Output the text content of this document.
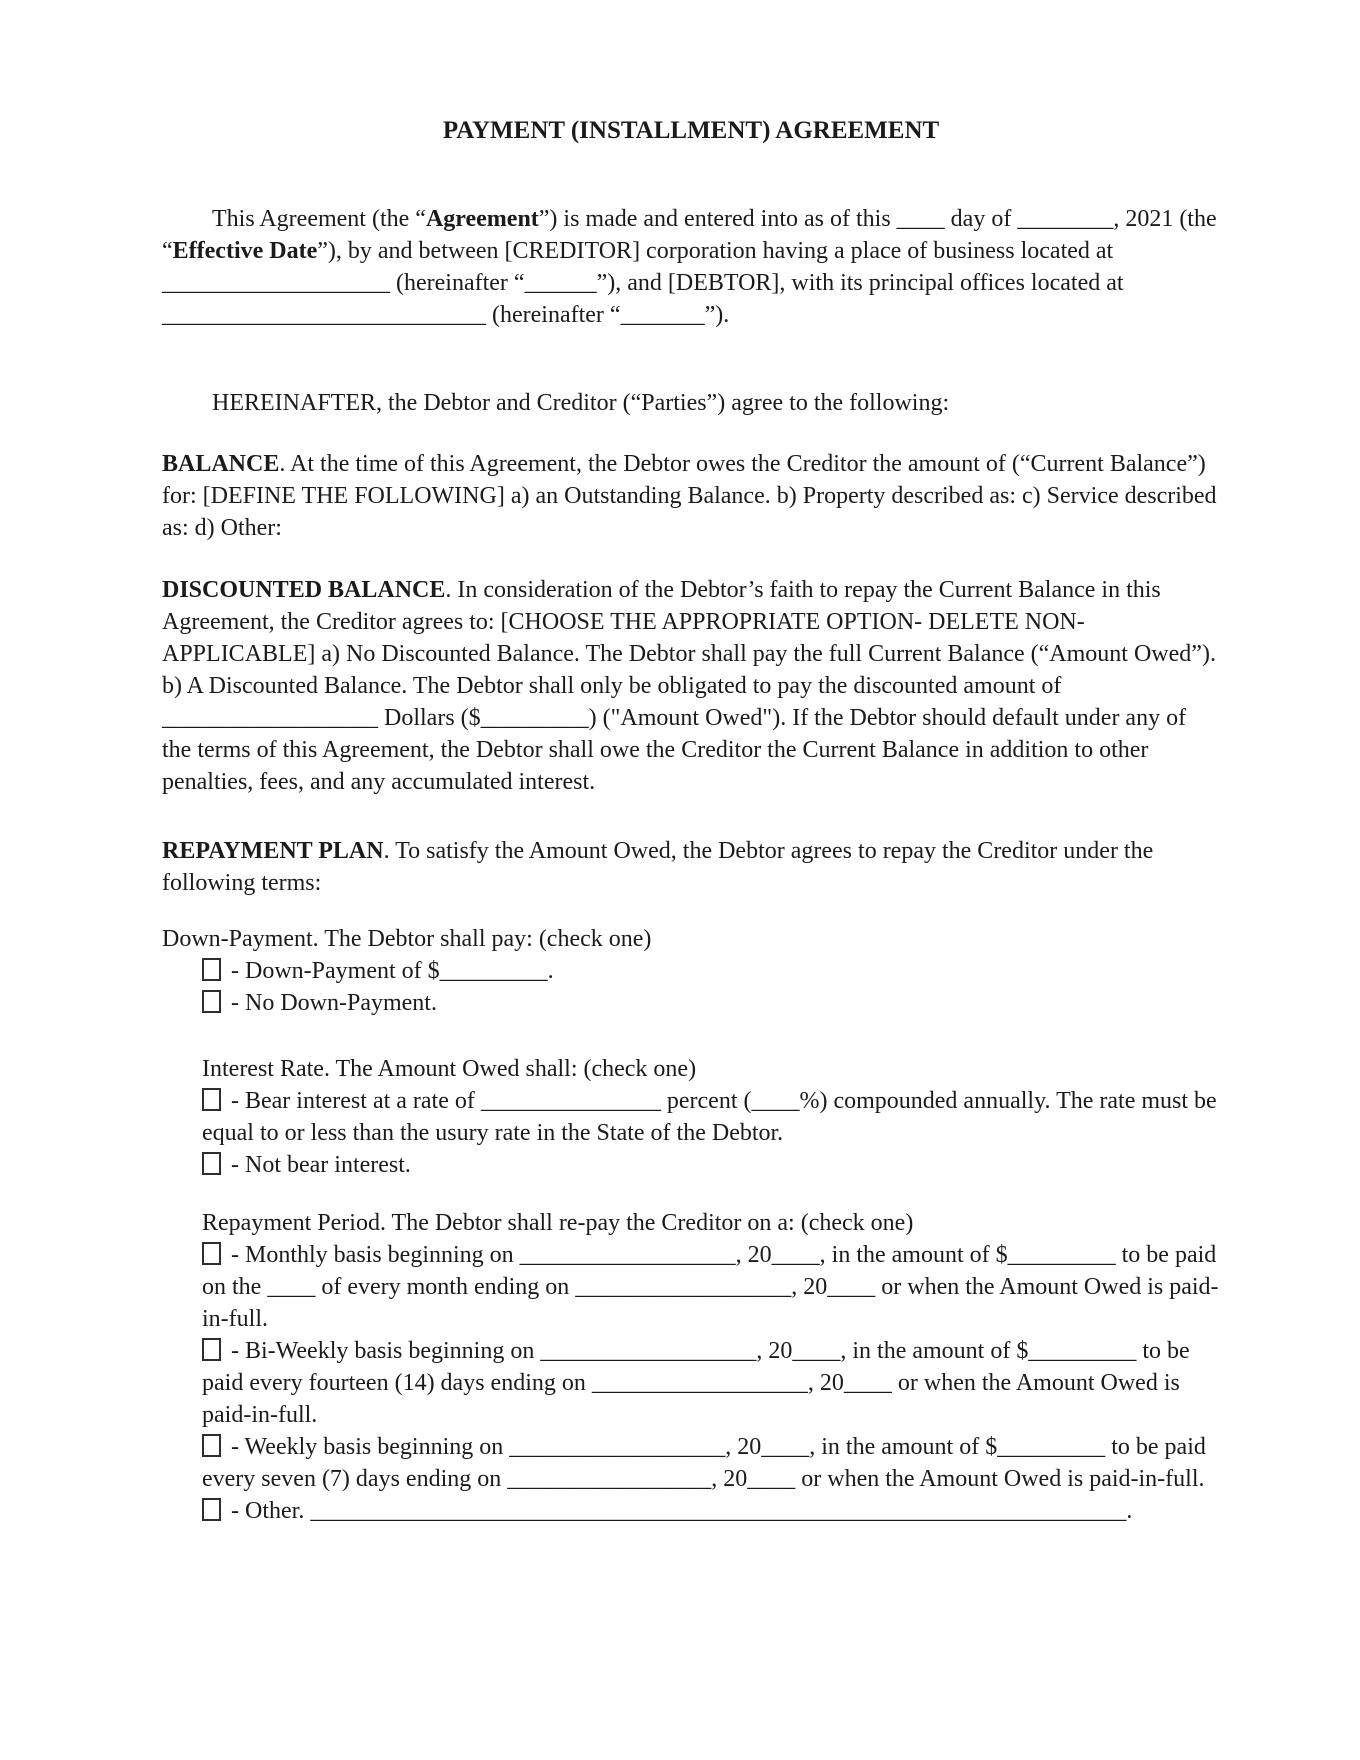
PAYMENT (INSTALLMENT) AGREEMENT

This Agreement (the “Agreement”) is made and entered into as of this ____ day of ________, 2021 (the “Effective Date”), by and between [CREDITOR] corporation having a place of business located at ___________________ (hereinafter “______”), and [DEBTOR], with its principal offices located at ___________________________ (hereinafter “_______”).

HEREINAFTER, the Debtor and Creditor (“Parties”) agree to the following:

BALANCE. At the time of this Agreement, the Debtor owes the Creditor the amount of (“Current Balance”) for: [DEFINE THE FOLLOWING] a) an Outstanding Balance. b) Property described as: c) Service described as: d) Other:

DISCOUNTED BALANCE. In consideration of the Debtor’s faith to repay the Current Balance in this Agreement, the Creditor agrees to: [CHOOSE THE APPROPRIATE OPTION- DELETE NON-APPLICABLE] a) No Discounted Balance. The Debtor shall pay the full Current Balance (“Amount Owed”). b) A Discounted Balance. The Debtor shall only be obligated to pay the discounted amount of __________________ Dollars ($_________) ("Amount Owed"). If the Debtor should default under any of the terms of this Agreement, the Debtor shall owe the Creditor the Current Balance in addition to other penalties, fees, and any accumulated interest.

REPAYMENT PLAN. To satisfy the Amount Owed, the Debtor agrees to repay the Creditor under the following terms:

Down-Payment. The Debtor shall pay: (check one)

- Down-Payment of $_________.

- No Down-Payment.

Interest Rate. The Amount Owed shall: (check one)

- Bear interest at a rate of _______________ percent (____%) compounded annually. The rate must be equal to or less than the usury rate in the State of the Debtor.

- Not bear interest.

Repayment Period. The Debtor shall re-pay the Creditor on a: (check one)

- Monthly basis beginning on __________________, 20____, in the amount of $_________ to be paid on the ____ of every month ending on __________________, 20____ or when the Amount Owed is paid-in-full.

- Bi-Weekly basis beginning on __________________, 20____, in the amount of $_________ to be paid every fourteen (14) days ending on __________________, 20____ or when the Amount Owed is paid-in-full.

- Weekly basis beginning on __________________, 20____, in the amount of $_________ to be paid every seven (7) days ending on _________________, 20____ or when the Amount Owed is paid-in-full.

- Other. ____________________________________________________________________.
